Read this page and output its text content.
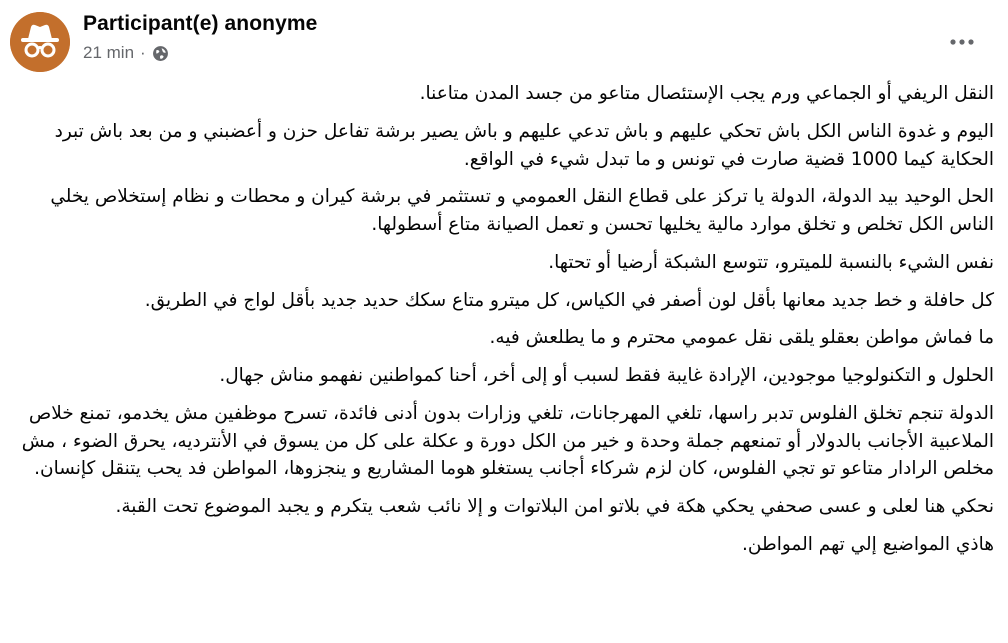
Participant(e) anonyme
21 min ·

النقل الريفي أو الجماعي ورم يجب الإستئصال متاعو من جسد المدن متاعنا.

اليوم و غدوة الناس الكل باش تحكي عليهم و باش تدعي عليهم و باش يصير برشة تفاعل حزن و أعضبني و من بعد باش تبرد الحكاية كيما 1000 قضية صارت في تونس و ما تبدل شيء في الواقع.

الحل الوحيد بيد الدولة، الدولة يا تركز على قطاع النقل العمومي و تستثمر في برشة كيران و محطات و نظام إستخلاص يخلي الناس الكل تخلص و تخلق موارد مالية يخليها تحسن و تعمل الصيانة متاع أسطولها.

نفس الشيء بالنسبة للميترو، تتوسع الشبكة أرضيا أو تحتها.

كل حافلة و خط جديد معانها بأقل لون أصفر في الكياس، كل ميترو متاع سكك حديد جديد بأقل لواج في الطريق.

ما فماش مواطن بعقلو يلقى نقل عمومي محترم و ما يطلعش فيه.

الحلول و التكنولوجيا موجودين، الإرادة غايبة فقط لسبب أو إلى أخر، أحنا كمواطنين نفهمو مناش جهال.

الدولة تنجم تخلق الفلوس تدبر راسها، تلغي المهرجانات، تلغي وزارات بدون أدنى فائدة، تسرح موظفين مش يخدمو، تمنع خلاص الملاعبية الأجانب بالدولار أو تمنعهم جملة وحدة و خير من الكل دورة و عكلة على كل من يسوق في الأنترديه، يحرق الضوء ، مش مخلص الرادار متاعو تو تجي الفلوس، كان لزم شركاء أجانب يستغلو هوما المشاريع و ينجزوها، المواطن فد يحب يتنقل كإنسان.

نحكي هنا لعلى و عسى صحفي يحكي هكة في بلاتو امن البلاتوات و إلا نائب شعب يتكرم و يجبد الموضوع تحت القبة.

هاذي المواضيع إلي تهم المواطن.
